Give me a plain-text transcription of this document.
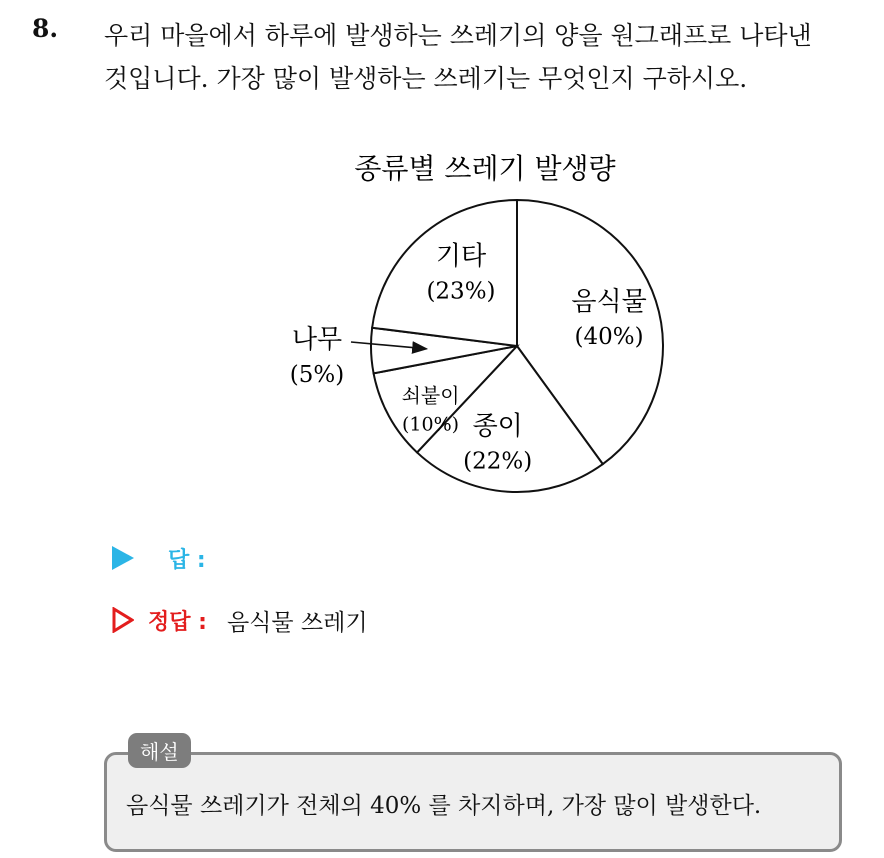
8. 우리 마을에서 하루에 발생하는 쓰레기의 양을 원그래프로 나타낸
것입니다. 가장 많이 발생하는 쓰레기는 무엇인지 구하시오.
종류별 쓰레기 발생량
음식물
(40%)
종이
(22%)
쇠붙이
(10%)
나무
(5%)
기타
(23%)
답 :
정답 : 음식물 쓰레기
해설
음식물 쓰레기가 전체의 40% 를 차지하며, 가장 많이 발생한다.
